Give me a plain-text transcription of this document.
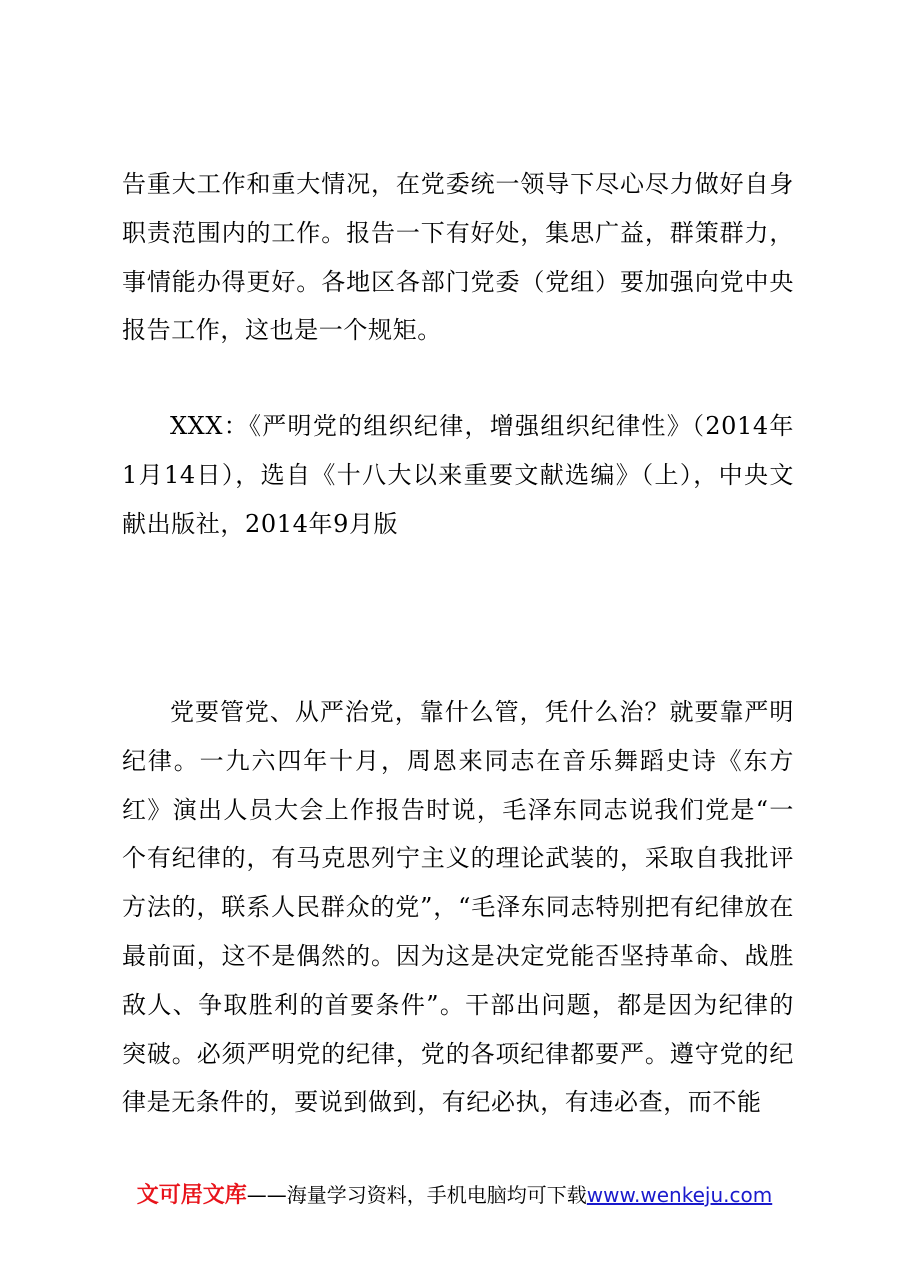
告重大工作和重大情况，在党委统一领导下尽心尽力做好自身职责范围内的工作。报告一下有好处，集思广益，群策群力，事情能办得更好。各地区各部门党委（党组）要加强向党中央报告工作，这也是一个规矩。

XXX：《严明党的组织纪律，增强组织纪律性》（2014年1月14日），选自《十八大以来重要文献选编》（上），中央文献出版社，2014年9月版

党要管党、从严治党，靠什么管，凭什么治？就要靠严明纪律。一九六四年十月，周恩来同志在音乐舞蹈史诗《东方红》演出人员大会上作报告时说，毛泽东同志说我们党是“一个有纪律的，有马克思列宁主义的理论武装的，采取自我批评方法的，联系人民群众的党”，“毛泽东同志特别把有纪律放在最前面，这不是偶然的。因为这是决定党能否坚持革命、战胜敌人、争取胜利的首要条件”。干部出问题，都是因为纪律的突破。必须严明党的纪律，党的各项纪律都要严。遵守党的纪律是无条件的，要说到做到，有纪必执，有违必查，而不能

文可居文库——海量学习资料，手机电脑均可下载www.wenkeju.com
